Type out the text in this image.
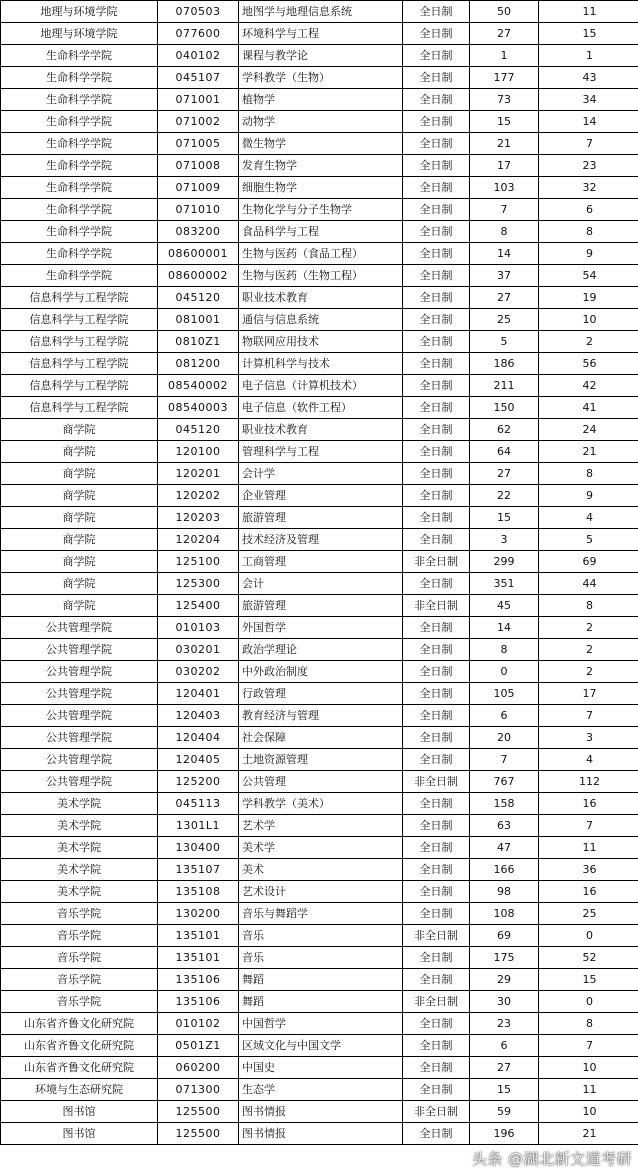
地理与环境学院	070503	地图学与地理信息系统	全日制	50	11
地理与环境学院	077600	环境科学与工程	全日制	27	15
生命科学学院	040102	课程与教学论	全日制	1	1
生命科学学院	045107	学科教学（生物）	全日制	177	43
生命科学学院	071001	植物学	全日制	73	34
生命科学学院	071002	动物学	全日制	15	14
生命科学学院	071005	微生物学	全日制	21	7
生命科学学院	071008	发育生物学	全日制	17	23
生命科学学院	071009	细胞生物学	全日制	103	32
生命科学学院	071010	生物化学与分子生物学	全日制	7	6
生命科学学院	083200	食品科学与工程	全日制	8	8
生命科学学院	08600001	生物与医药（食品工程）	全日制	14	9
生命科学学院	08600002	生物与医药（生物工程）	全日制	37	54
信息科学与工程学院	045120	职业技术教育	全日制	27	19
信息科学与工程学院	081001	通信与信息系统	全日制	25	10
信息科学与工程学院	0810Z1	物联网应用技术	全日制	5	2
信息科学与工程学院	081200	计算机科学与技术	全日制	186	56
信息科学与工程学院	08540002	电子信息（计算机技术）	全日制	211	42
信息科学与工程学院	08540003	电子信息（软件工程）	全日制	150	41
商学院	045120	职业技术教育	全日制	62	24
商学院	120100	管理科学与工程	全日制	64	21
商学院	120201	会计学	全日制	27	8
商学院	120202	企业管理	全日制	22	9
商学院	120203	旅游管理	全日制	15	4
商学院	120204	技术经济及管理	全日制	3	5
商学院	125100	工商管理	非全日制	299	69
商学院	125300	会计	全日制	351	44
商学院	125400	旅游管理	非全日制	45	8
公共管理学院	010103	外国哲学	全日制	14	2
公共管理学院	030201	政治学理论	全日制	8	2
公共管理学院	030202	中外政治制度	全日制	0	2
公共管理学院	120401	行政管理	全日制	105	17
公共管理学院	120403	教育经济与管理	全日制	6	7
公共管理学院	120404	社会保障	全日制	20	3
公共管理学院	120405	土地资源管理	全日制	7	4
公共管理学院	125200	公共管理	非全日制	767	112
美术学院	045113	学科教学（美术）	全日制	158	16
美术学院	1301L1	艺术学	全日制	63	7
美术学院	130400	美术学	全日制	47	11
美术学院	135107	美术	全日制	166	36
美术学院	135108	艺术设计	全日制	98	16
音乐学院	130200	音乐与舞蹈学	全日制	108	25
音乐学院	135101	音乐	非全日制	69	0
音乐学院	135101	音乐	全日制	175	52
音乐学院	135106	舞蹈	全日制	29	15
音乐学院	135106	舞蹈	非全日制	30	0
山东省齐鲁文化研究院	010102	中国哲学	全日制	23	8
山东省齐鲁文化研究院	0501Z1	区域文化与中国文学	全日制	6	7
山东省齐鲁文化研究院	060200	中国史	全日制	27	10
环境与生态研究院	071300	生态学	全日制	15	11
图书馆	125500	图书情报	非全日制	59	10
图书馆	125500	图书情报	全日制	196	21
头条 @湖北新文道考研
